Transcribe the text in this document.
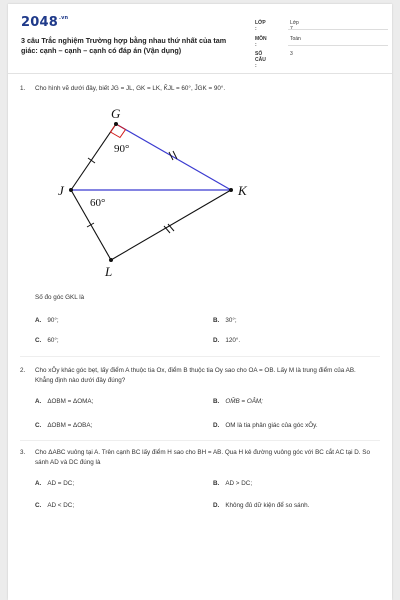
$2048^{.vn}$
3 câu Trắc nghiệm Trường hợp bằng nhau thứ nhất của tam giác: cạnh – cạnh – cạnh có đáp án (Vận dụng)
LỚP :
Lớp 7
MÔN :
Toán
SỐ CÂU :
3
1. Cho hình vẽ dưới đây, biết JG = JL, GK = LK, K̂JL = 60°, ĴGK = 90°.
G
J	K
L
90°
60°
Số đo góc GKL là
A. 90°;	B. 30°;
C. 60°;	D. 120°.
2. Cho xÔy khác góc bẹt, lấy điểm A thuộc tia Ox, điểm B thuộc tia Oy sao cho OA = OB. Lấy M là trung điểm của AB. Khẳng định nào dưới đây đúng?
A. ΔOBM = ΔOMA;	B. OM̂B = OÂM;
C. ΔOBM = ΔOBA;	D. OM là tia phân giác của góc xÔy.
3. Cho ΔABC vuông tại A. Trên cạnh BC lấy điểm H sao cho BH = AB. Qua H kẻ đường vuông góc với BC cắt AC tại D. So sánh AD và DC đúng là
A. AD = DC;	B. AD > DC;
C. AD < DC;	D. Không đủ dữ kiện để so sánh.
